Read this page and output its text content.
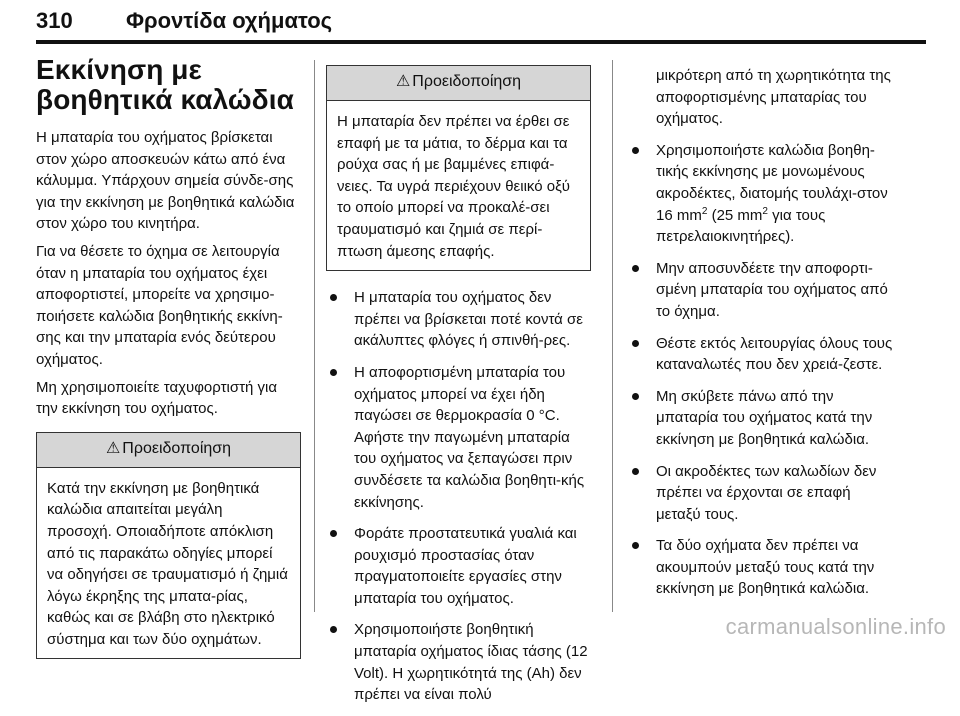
310 Φροντίδα οχήματος
Εκκίνηση με βοηθητικά καλώδια

Η μπαταρία του οχήματος βρίσκεται στον χώρο αποσκευών κάτω από ένα κάλυμμα. Υπάρχουν σημεία σύνδε-σης για την εκκίνηση με βοηθητικά καλώδια στον χώρο του κινητήρα.

Για να θέσετε το όχημα σε λειτουργία όταν η μπαταρία του οχήματος έχει αποφορτιστεί, μπορείτε να χρησιμο-ποιήσετε καλώδια βοηθητικής εκκίνη-σης και την μπαταρία ενός δεύτερου οχήματος.

Μη χρησιμοποιείτε ταχυφορτιστή για την εκκίνηση του οχήματος.

⚠ Προειδοποίηση
Κατά την εκκίνηση με βοηθητικά καλώδια απαιτείται μεγάλη προσοχή. Οποιαδήποτε απόκλιση από τις παρακάτω οδηγίες μπορεί να οδηγήσει σε τραυματισμό ή ζημιά λόγω έκρηξης της μπατα-ρίας, καθώς και σε βλάβη στο ηλεκτρικό σύστημα και των δύο οχημάτων.
⚠ Προειδοποίηση
Η μπαταρία δεν πρέπει να έρθει σε επαφή με τα μάτια, το δέρμα και τα ρούχα σας ή με βαμμένες επιφά-νειες. Τα υγρά περιέχουν θειικό οξύ το οποίο μπορεί να προκαλέ-σει τραυματισμό και ζημιά σε περί-πτωση άμεσης επαφής.
Η μπαταρία του οχήματος δεν πρέπει να βρίσκεται ποτέ κοντά σε ακάλυπτες φλόγες ή σπινθή-ρες.
Η αποφορτισμένη μπαταρία του οχήματος μπορεί να έχει ήδη παγώσει σε θερμοκρασία 0 °C. Αφήστε την παγωμένη μπαταρία του οχήματος να ξεπαγώσει πριν συνδέσετε τα καλώδια βοηθητι-κής εκκίνησης.
Φοράτε προστατευτικά γυαλιά και ρουχισμό προστασίας όταν πραγματοποιείτε εργασίες στην μπαταρία του οχήματος.
Χρησιμοποιήστε βοηθητική μπαταρία οχήματος ίδιας τάσης (12 Volt). Η χωρητικότητά της (Ah) δεν πρέπει να είναι πολύ
μικρότερη από τη χωρητικότητα της αποφορτισμένης μπαταρίας του οχήματος.
Χρησιμοποιήστε καλώδια βοηθη-τικής εκκίνησης με μονωμένους ακροδέκτες, διατομής τουλάχι-στον 16 $mm^2$ (25 $mm^2$ για τους πετρελαιοκινητήρες).
Μην αποσυνδέετε την αποφορτι-σμένη μπαταρία του οχήματος από το όχημα.
Θέστε εκτός λειτουργίας όλους τους καταναλωτές που δεν χρειά-ζεστε.
Μη σκύβετε πάνω από την μπαταρία του οχήματος κατά την εκκίνηση με βοηθητικά καλώδια.
Οι ακροδέκτες των καλωδίων δεν πρέπει να έρχονται σε επαφή μεταξύ τους.
Τα δύο οχήματα δεν πρέπει να ακουμπούν μεταξύ τους κατά την εκκίνηση με βοηθητικά καλώδια.
carmanualsonline.info
